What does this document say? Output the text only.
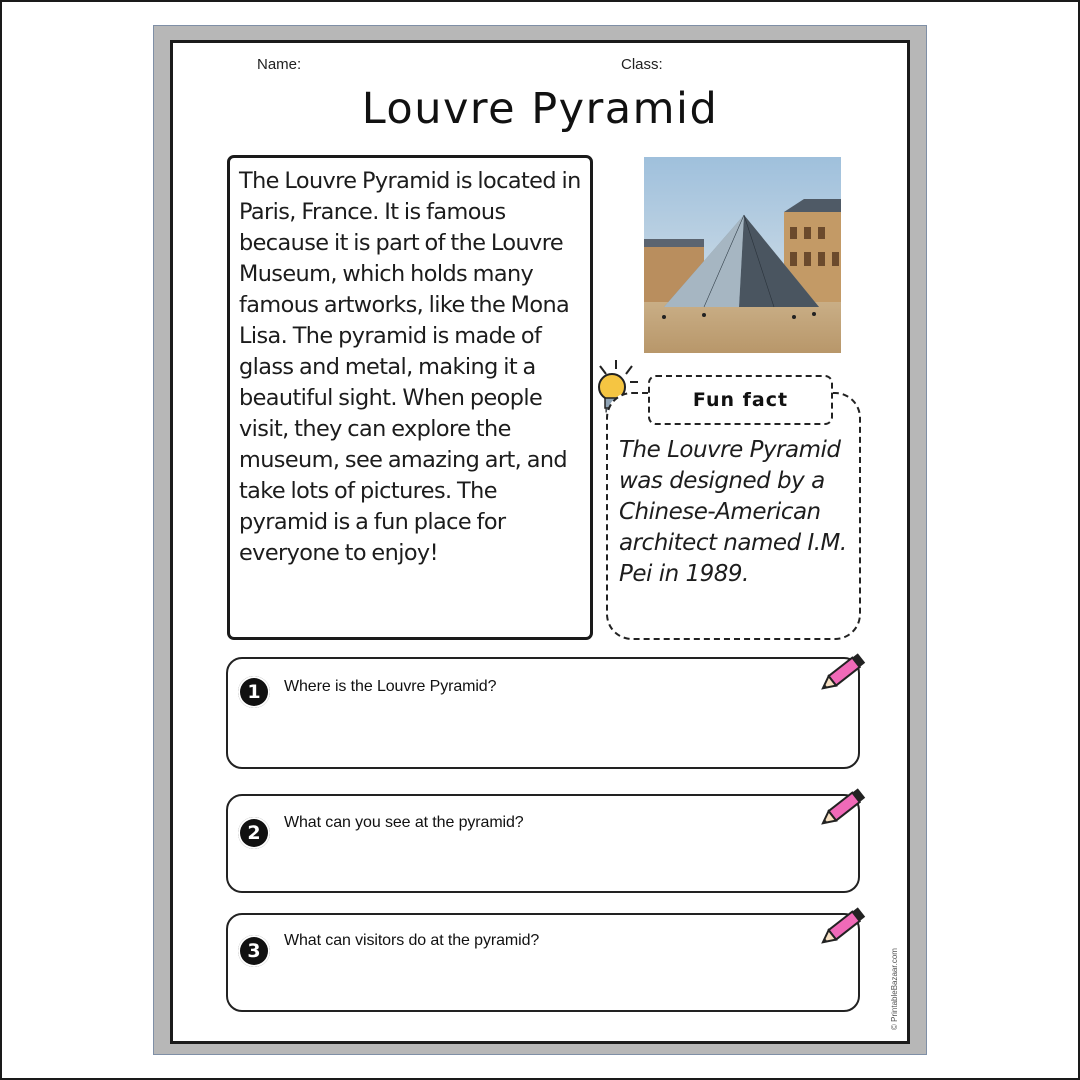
Name:	Class:
Louvre Pyramid

The Louvre Pyramid is located in Paris, France. It is famous because it is part of the Louvre Museum, which holds many famous artworks, like the Mona Lisa. The pyramid is made of glass and metal, making it a beautiful sight. When people visit, they can explore the museum, see amazing art, and take lots of pictures. The pyramid is a fun place for everyone to enjoy!

Fun fact

The Louvre Pyramid was designed by a Chinese-American architect named I.M. Pei in 1989.

1	Where is the Louvre Pyramid?
2	What can you see at the pyramid?
3	What can visitors do at the pyramid?
© PrintableBazaar.com
